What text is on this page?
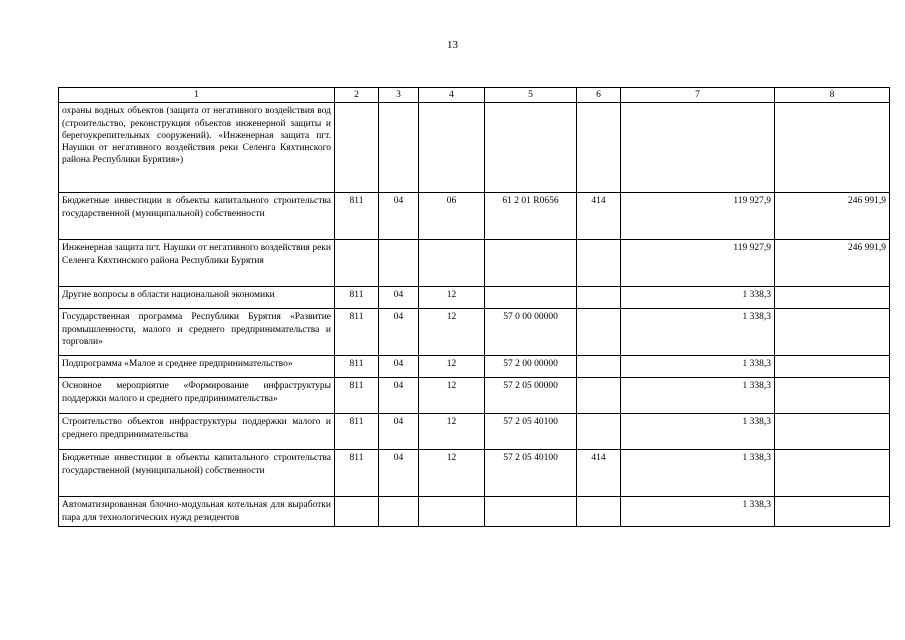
13
1	2	3	4	5	6	7	8
охраны водных объектов (защита от негативного воздействия вод (строительство, реконструкция объектов инженерной защиты и берегоукрепительных сооружений). «Инженерная защита пгт. Наушки от негативного воздействия реки Селенга Кяхтинского района Республики Бурятия»)							
Бюджетные инвестиции в объекты капитального строительства государственной (муниципальной) собственности	811	04	06	61 2 01 R0656	414	119 927,9	246 991,9
Инженерная защита пгт. Наушки от негативного воздействия реки Селенга Кяхтинского района Республики Бурятия						119 927,9	246 991,9
Другие вопросы в области национальной экономики	811	04	12			1 338,3	
Государственная программа Республики Бурятия «Развитие промышленности, малого и среднего предпринимательства и торговли»	811	04	12	57 0 00 00000		1 338,3	
Подпрограмма «Малое и среднее предпринимательство»	811	04	12	57 2 00 00000		1 338,3	
Основное мероприятие «Формирование инфраструктуры поддержки малого и среднего предпринимательства»	811	04	12	57 2 05 00000		1 338,3	
Строительство объектов инфраструктуры поддержки малого и среднего предпринимательства	811	04	12	57 2 05 40100		1 338,3	
Бюджетные инвестиции в объекты капитального строительства государственной (муниципальной) собственности	811	04	12	57 2 05 40100	414	1 338,3	
Автоматизированная блочно-модульная котельная для выработки пара для технологических нужд резидентов						1 338,3	
